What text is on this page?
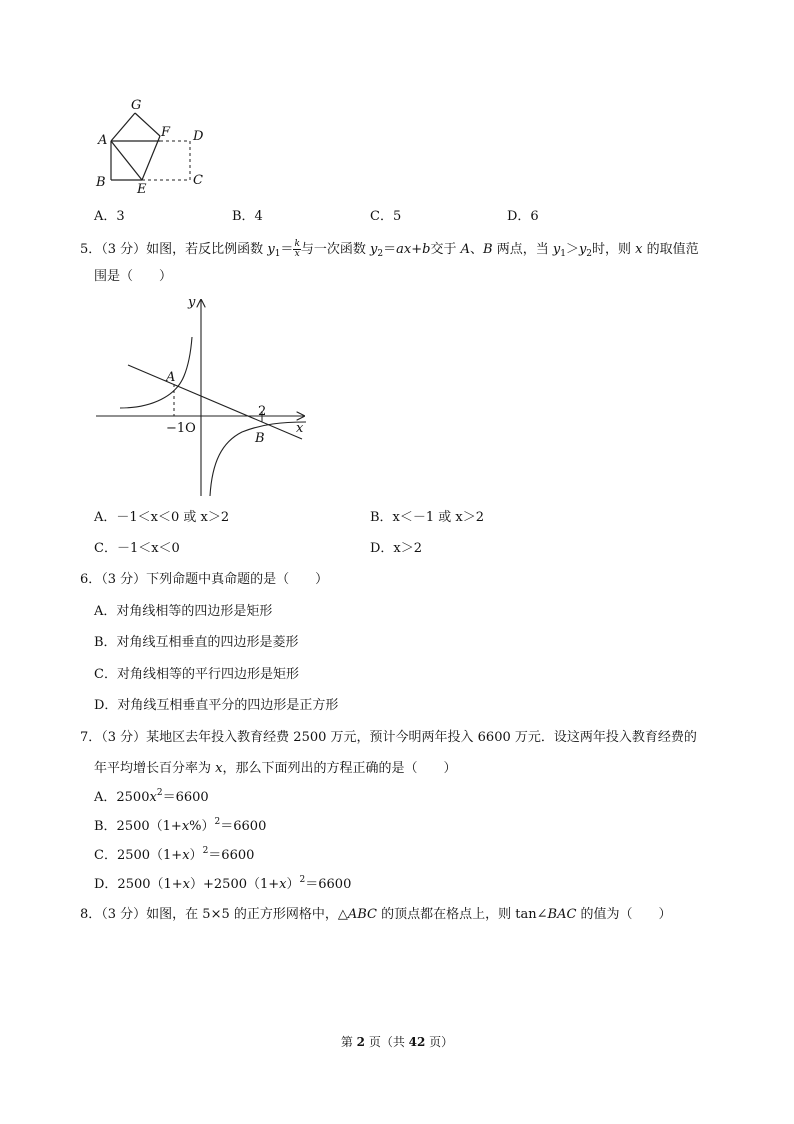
G
A
F D
B E
C
A．3	B．4	C．5	D．6
5．（3 分）如图，若反比例函数 $y_1= \frac{k}{x}$ 与一次函数 $y_2=ax+b$交于 A、B 两点，当 $y_1>y_2$时，则 x 的取值范
围是（　　）
y
A
2
−1O
B
x
A．－1＜x＜0 或 x＞2	B．x＜－1 或 x＞2
C．－1＜x＜0	D．x＞2
6．（3 分）下列命题中真命题的是（　　）
A．对角线相等的四边形是矩形
B．对角线互相垂直的四边形是菱形
C．对角线相等的平行四边形是矩形
D．对角线互相垂直平分的四边形是正方形
7．（3 分）某地区去年投入教育经费 2500 万元，预计今明两年投入 6600 万元．设这两年投入教育经费的
年平均增长百分率为 x，那么下面列出的方程正确的是（　　）
A．$2500x^2=6600$
B．$2500(1+x\%)^2=6600$
C．$2500(1+x)^2=6600$
D．$2500(1+x)+2500(1+x)^2=6600$
8．（3 分）如图，在 5×5 的正方形网格中，△ABC 的顶点都在格点上，则 tan∠BAC 的值为（　　）
第 2 页（共 42 页）
